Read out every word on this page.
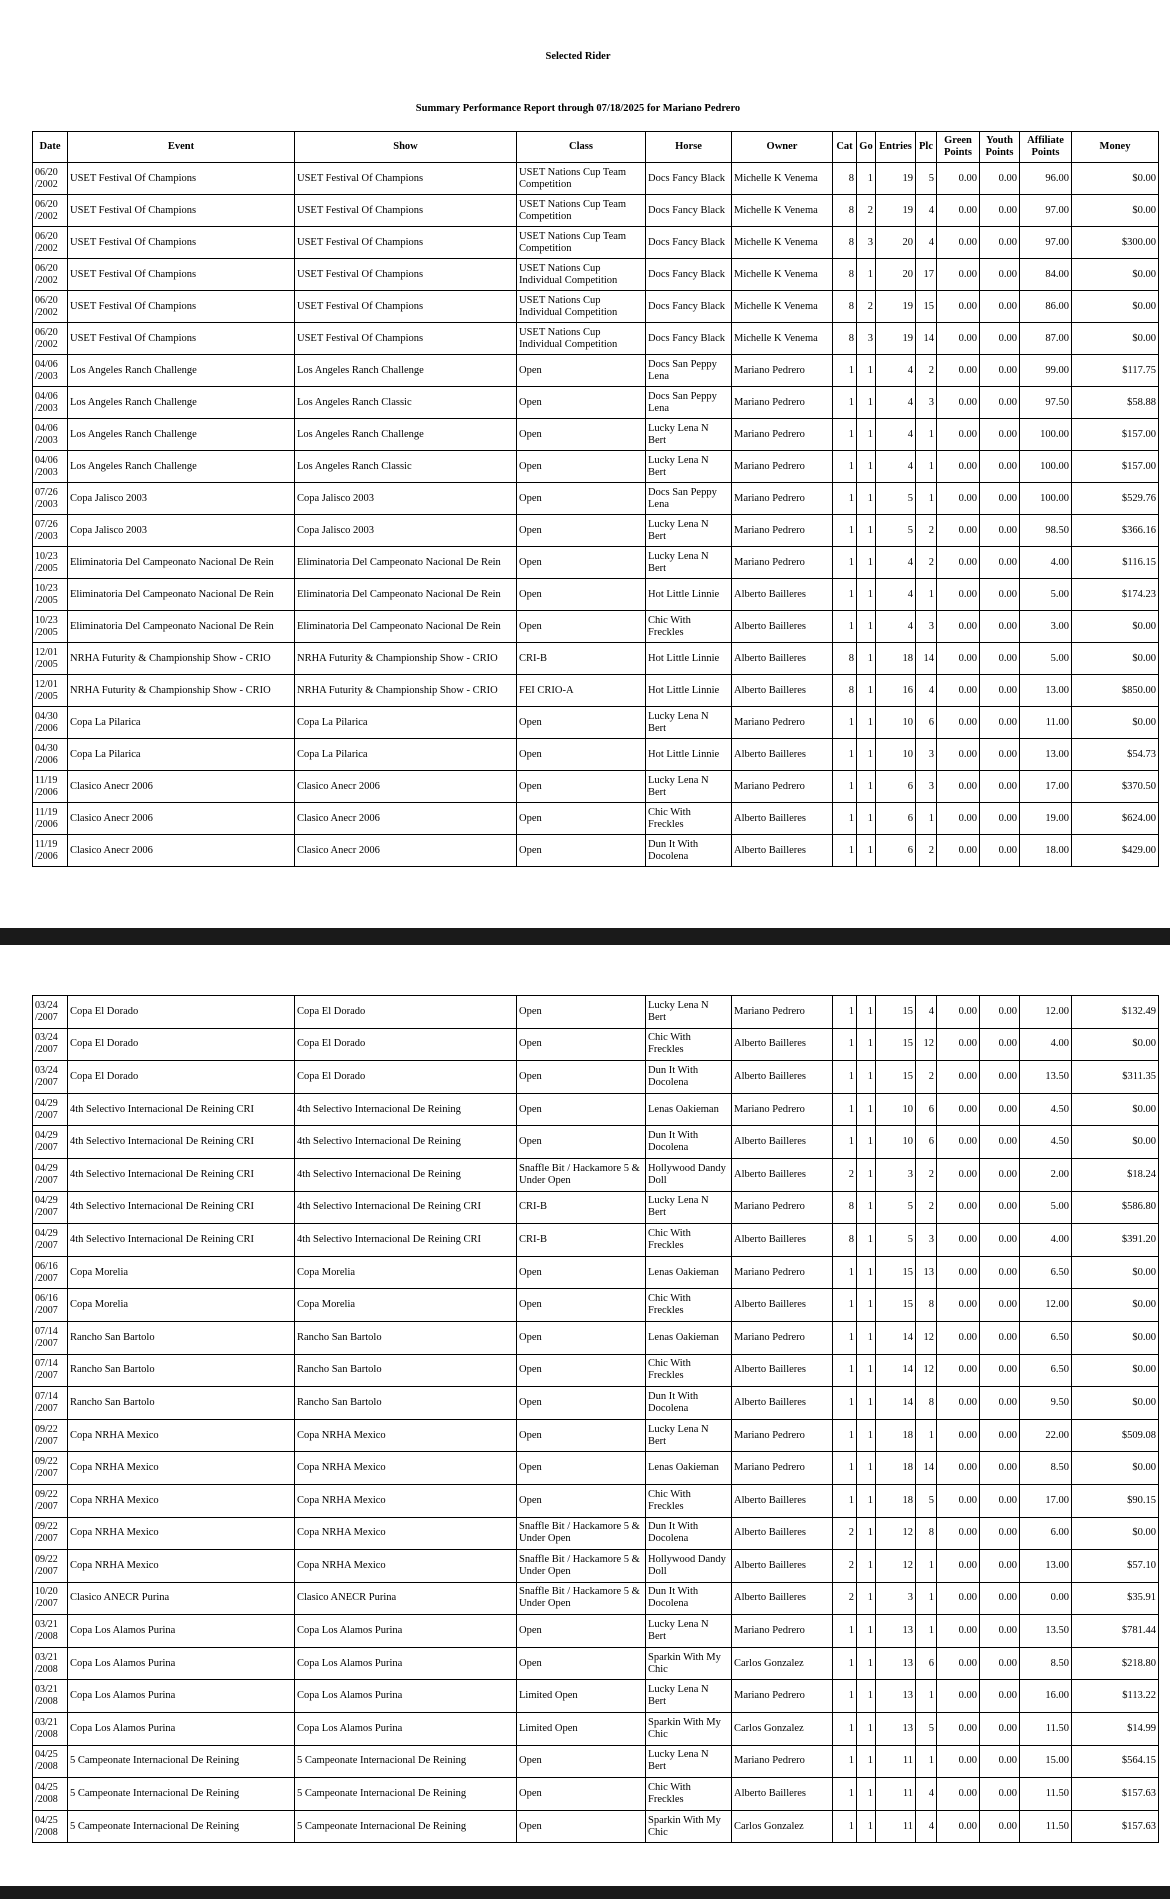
Selected Rider
Summary Performance Report through 07/18/2025 for Mariano Pedrero
Date	Event	Show	Class	Horse	Owner	Cat	Go	Entries	Plc	Green Points	Youth Points	Affiliate Points	Money
06/20 /2002	USET Festival Of Champions	USET Festival Of Champions	USET Nations Cup Team Competition	Docs Fancy Black	Michelle K Venema	8	1	19	5	0.00	0.00	96.00	$0.00
06/20 /2002	USET Festival Of Champions	USET Festival Of Champions	USET Nations Cup Team Competition	Docs Fancy Black	Michelle K Venema	8	2	19	4	0.00	0.00	97.00	$0.00
06/20 /2002	USET Festival Of Champions	USET Festival Of Champions	USET Nations Cup Team Competition	Docs Fancy Black	Michelle K Venema	8	3	20	4	0.00	0.00	97.00	$300.00
06/20 /2002	USET Festival Of Champions	USET Festival Of Champions	USET Nations Cup Individual Competition	Docs Fancy Black	Michelle K Venema	8	1	20	17	0.00	0.00	84.00	$0.00
06/20 /2002	USET Festival Of Champions	USET Festival Of Champions	USET Nations Cup Individual Competition	Docs Fancy Black	Michelle K Venema	8	2	19	15	0.00	0.00	86.00	$0.00
06/20 /2002	USET Festival Of Champions	USET Festival Of Champions	USET Nations Cup Individual Competition	Docs Fancy Black	Michelle K Venema	8	3	19	14	0.00	0.00	87.00	$0.00
04/06 /2003	Los Angeles Ranch Challenge	Los Angeles Ranch Challenge	Open	Docs San Peppy Lena	Mariano Pedrero	1	1	4	2	0.00	0.00	99.00	$117.75
04/06 /2003	Los Angeles Ranch Challenge	Los Angeles Ranch Classic	Open	Docs San Peppy Lena	Mariano Pedrero	1	1	4	3	0.00	0.00	97.50	$58.88
04/06 /2003	Los Angeles Ranch Challenge	Los Angeles Ranch Challenge	Open	Lucky Lena N Bert	Mariano Pedrero	1	1	4	1	0.00	0.00	100.00	$157.00
04/06 /2003	Los Angeles Ranch Challenge	Los Angeles Ranch Classic	Open	Lucky Lena N Bert	Mariano Pedrero	1	1	4	1	0.00	0.00	100.00	$157.00
07/26 /2003	Copa Jalisco 2003	Copa Jalisco 2003	Open	Docs San Peppy Lena	Mariano Pedrero	1	1	5	1	0.00	0.00	100.00	$529.76
07/26 /2003	Copa Jalisco 2003	Copa Jalisco 2003	Open	Lucky Lena N Bert	Mariano Pedrero	1	1	5	2	0.00	0.00	98.50	$366.16
10/23 /2005	Eliminatoria Del Campeonato Nacional De Rein	Eliminatoria Del Campeonato Nacional De Rein	Open	Lucky Lena N Bert	Mariano Pedrero	1	1	4	2	0.00	0.00	4.00	$116.15
10/23 /2005	Eliminatoria Del Campeonato Nacional De Rein	Eliminatoria Del Campeonato Nacional De Rein	Open	Hot Little Linnie	Alberto Bailleres	1	1	4	1	0.00	0.00	5.00	$174.23
10/23 /2005	Eliminatoria Del Campeonato Nacional De Rein	Eliminatoria Del Campeonato Nacional De Rein	Open	Chic With Freckles	Alberto Bailleres	1	1	4	3	0.00	0.00	3.00	$0.00
12/01 /2005	NRHA Futurity & Championship Show - CRIO	NRHA Futurity & Championship Show - CRIO	CRI-B	Hot Little Linnie	Alberto Bailleres	8	1	18	14	0.00	0.00	5.00	$0.00
12/01 /2005	NRHA Futurity & Championship Show - CRIO	NRHA Futurity & Championship Show - CRIO	FEI CRIO-A	Hot Little Linnie	Alberto Bailleres	8	1	16	4	0.00	0.00	13.00	$850.00
04/30 /2006	Copa La Pilarica	Copa La Pilarica	Open	Lucky Lena N Bert	Mariano Pedrero	1	1	10	6	0.00	0.00	11.00	$0.00
04/30 /2006	Copa La Pilarica	Copa La Pilarica	Open	Hot Little Linnie	Alberto Bailleres	1	1	10	3	0.00	0.00	13.00	$54.73
11/19 /2006	Clasico Anecr 2006	Clasico Anecr 2006	Open	Lucky Lena N Bert	Mariano Pedrero	1	1	6	3	0.00	0.00	17.00	$370.50
11/19 /2006	Clasico Anecr 2006	Clasico Anecr 2006	Open	Chic With Freckles	Alberto Bailleres	1	1	6	1	0.00	0.00	19.00	$624.00
11/19 /2006	Clasico Anecr 2006	Clasico Anecr 2006	Open	Dun It With Docolena	Alberto Bailleres	1	1	6	2	0.00	0.00	18.00	$429.00
03/24 /2007	Copa El Dorado	Copa El Dorado	Open	Lucky Lena N Bert	Mariano Pedrero	1	1	15	4	0.00	0.00	12.00	$132.49
03/24 /2007	Copa El Dorado	Copa El Dorado	Open	Chic With Freckles	Alberto Bailleres	1	1	15	12	0.00	0.00	4.00	$0.00
03/24 /2007	Copa El Dorado	Copa El Dorado	Open	Dun It With Docolena	Alberto Bailleres	1	1	15	2	0.00	0.00	13.50	$311.35
04/29 /2007	4th Selectivo Internacional De Reining CRI	4th Selectivo Internacional De Reining	Open	Lenas Oakieman	Mariano Pedrero	1	1	10	6	0.00	0.00	4.50	$0.00
04/29 /2007	4th Selectivo Internacional De Reining CRI	4th Selectivo Internacional De Reining	Open	Dun It With Docolena	Alberto Bailleres	1	1	10	6	0.00	0.00	4.50	$0.00
04/29 /2007	4th Selectivo Internacional De Reining CRI	4th Selectivo Internacional De Reining	Snaffle Bit / Hackamore 5 & Under Open	Hollywood Dandy Doll	Alberto Bailleres	2	1	3	2	0.00	0.00	2.00	$18.24
04/29 /2007	4th Selectivo Internacional De Reining CRI	4th Selectivo Internacional De Reining CRI	CRI-B	Lucky Lena N Bert	Mariano Pedrero	8	1	5	2	0.00	0.00	5.00	$586.80
04/29 /2007	4th Selectivo Internacional De Reining CRI	4th Selectivo Internacional De Reining CRI	CRI-B	Chic With Freckles	Alberto Bailleres	8	1	5	3	0.00	0.00	4.00	$391.20
06/16 /2007	Copa Morelia	Copa Morelia	Open	Lenas Oakieman	Mariano Pedrero	1	1	15	13	0.00	0.00	6.50	$0.00
06/16 /2007	Copa Morelia	Copa Morelia	Open	Chic With Freckles	Alberto Bailleres	1	1	15	8	0.00	0.00	12.00	$0.00
07/14 /2007	Rancho San Bartolo	Rancho San Bartolo	Open	Lenas Oakieman	Mariano Pedrero	1	1	14	12	0.00	0.00	6.50	$0.00
07/14 /2007	Rancho San Bartolo	Rancho San Bartolo	Open	Chic With Freckles	Alberto Bailleres	1	1	14	12	0.00	0.00	6.50	$0.00
07/14 /2007	Rancho San Bartolo	Rancho San Bartolo	Open	Dun It With Docolena	Alberto Bailleres	1	1	14	8	0.00	0.00	9.50	$0.00
09/22 /2007	Copa NRHA Mexico	Copa NRHA Mexico	Open	Lucky Lena N Bert	Mariano Pedrero	1	1	18	1	0.00	0.00	22.00	$509.08
09/22 /2007	Copa NRHA Mexico	Copa NRHA Mexico	Open	Lenas Oakieman	Mariano Pedrero	1	1	18	14	0.00	0.00	8.50	$0.00
09/22 /2007	Copa NRHA Mexico	Copa NRHA Mexico	Open	Chic With Freckles	Alberto Bailleres	1	1	18	5	0.00	0.00	17.00	$90.15
09/22 /2007	Copa NRHA Mexico	Copa NRHA Mexico	Snaffle Bit / Hackamore 5 & Under Open	Dun It With Docolena	Alberto Bailleres	2	1	12	8	0.00	0.00	6.00	$0.00
09/22 /2007	Copa NRHA Mexico	Copa NRHA Mexico	Snaffle Bit / Hackamore 5 & Under Open	Hollywood Dandy Doll	Alberto Bailleres	2	1	12	1	0.00	0.00	13.00	$57.10
10/20 /2007	Clasico ANECR Purina	Clasico ANECR Purina	Snaffle Bit / Hackamore 5 & Under Open	Dun It With Docolena	Alberto Bailleres	2	1	3	1	0.00	0.00	0.00	$35.91
03/21 /2008	Copa Los Alamos Purina	Copa Los Alamos Purina	Open	Lucky Lena N Bert	Mariano Pedrero	1	1	13	1	0.00	0.00	13.50	$781.44
03/21 /2008	Copa Los Alamos Purina	Copa Los Alamos Purina	Open	Sparkin With My Chic	Carlos Gonzalez	1	1	13	6	0.00	0.00	8.50	$218.80
03/21 /2008	Copa Los Alamos Purina	Copa Los Alamos Purina	Limited Open	Lucky Lena N Bert	Mariano Pedrero	1	1	13	1	0.00	0.00	16.00	$113.22
03/21 /2008	Copa Los Alamos Purina	Copa Los Alamos Purina	Limited Open	Sparkin With My Chic	Carlos Gonzalez	1	1	13	5	0.00	0.00	11.50	$14.99
04/25 /2008	5 Campeonate Internacional De Reining	5 Campeonate Internacional De Reining	Open	Lucky Lena N Bert	Mariano Pedrero	1	1	11	1	0.00	0.00	15.00	$564.15
04/25 /2008	5 Campeonate Internacional De Reining	5 Campeonate Internacional De Reining	Open	Chic With Freckles	Alberto Bailleres	1	1	11	4	0.00	0.00	11.50	$157.63
04/25 /2008	5 Campeonate Internacional De Reining	5 Campeonate Internacional De Reining	Open	Sparkin With My Chic	Carlos Gonzalez	1	1	11	4	0.00	0.00	11.50	$157.63
